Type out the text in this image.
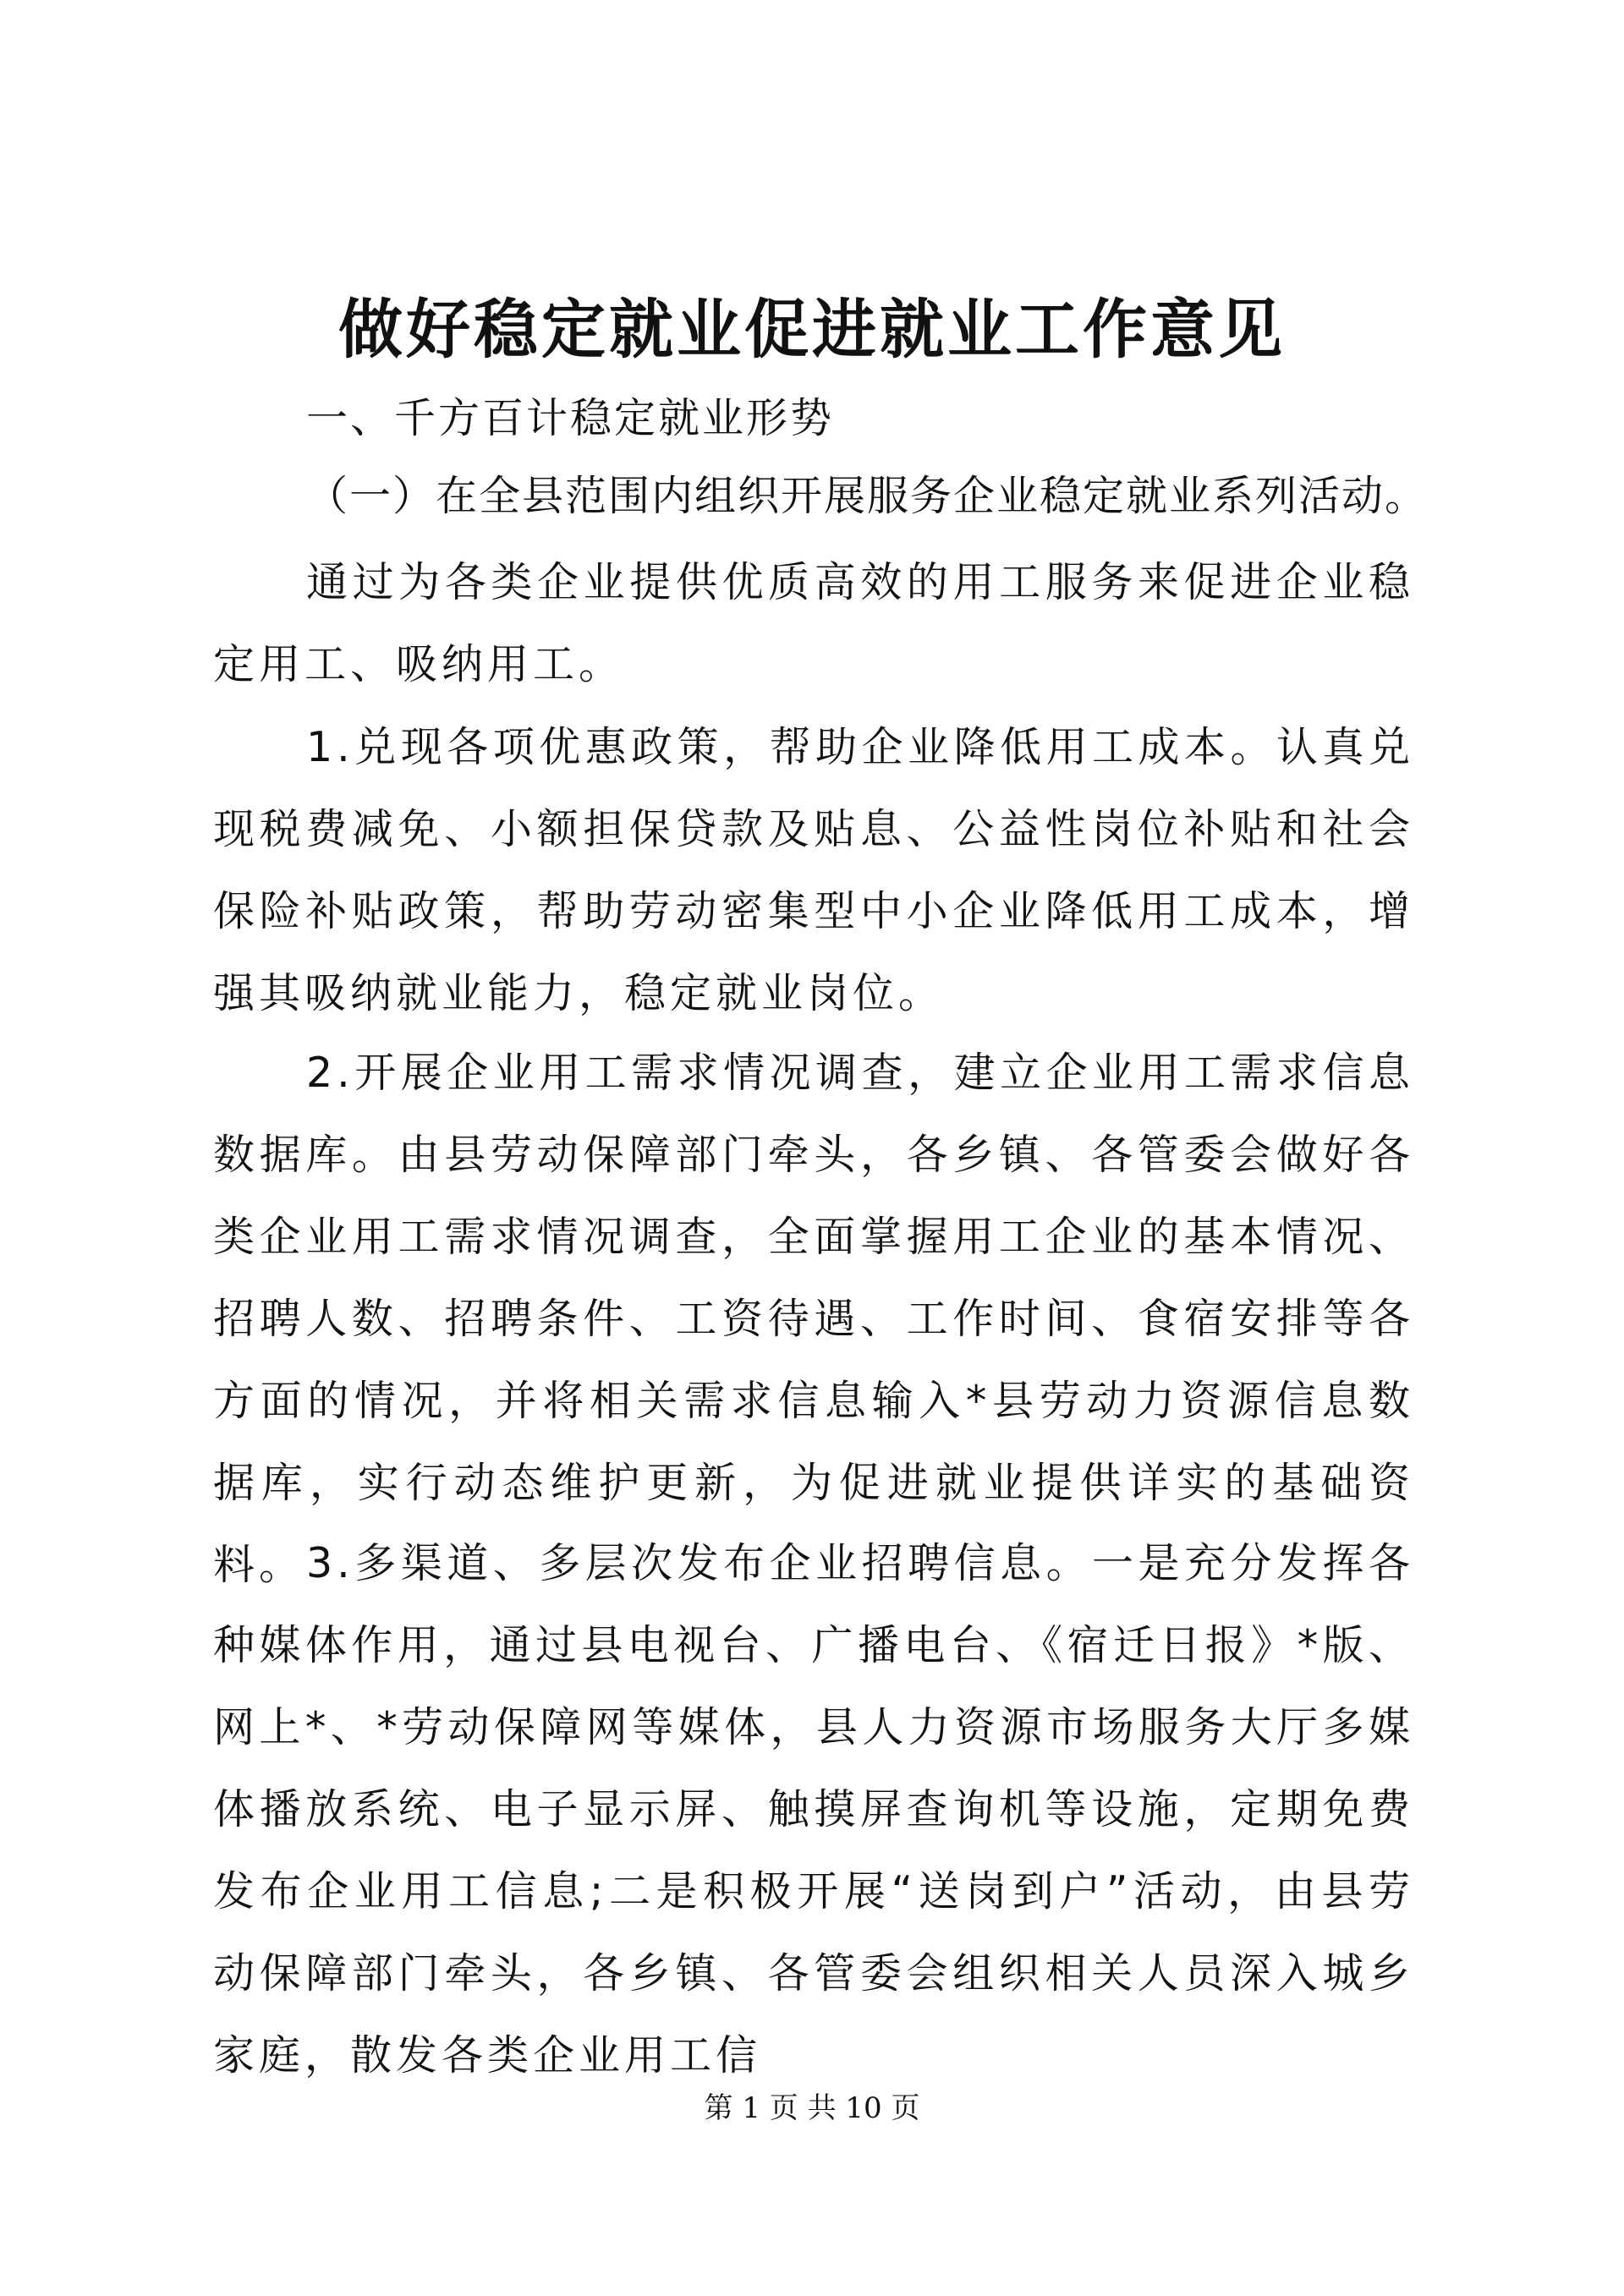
做好稳定就业促进就业工作意见

一、千方百计稳定就业形势

（一）在全县范围内组织开展服务企业稳定就业系列活动。

通过为各类企业提供优质高效的用工服务来促进企业稳定用工、吸纳用工。

1.兑现各项优惠政策，帮助企业降低用工成本。认真兑现税费减免、小额担保贷款及贴息、公益性岗位补贴和社会保险补贴政策，帮助劳动密集型中小企业降低用工成本，增强其吸纳就业能力，稳定就业岗位。

2.开展企业用工需求情况调查，建立企业用工需求信息数据库。由县劳动保障部门牵头，各乡镇、各管委会做好各类企业用工需求情况调查，全面掌握用工企业的基本情况、招聘人数、招聘条件、工资待遇、工作时间、食宿安排等各方面的情况，并将相关需求信息输入*县劳动力资源信息数据库，实行动态维护更新，为促进就业提供详实的基础资料。 3.多渠道、多层次发布企业招聘信息。一是充分发挥各种媒体作用，通过县电视台、广播电台、《宿迁日报》*版、网上*、*劳动保障网等媒体，县人力资源市场服务大厅多媒体播放系统、电子显示屏、触摸屏查询机等设施，定期免费发布企业用工信息;二是积极开展“送岗到户”活动，由县劳动保障部门牵头，各乡镇、各管委会组织相关人员深入城乡家庭，散发各类企业用工信

第 1 页 共 10 页
